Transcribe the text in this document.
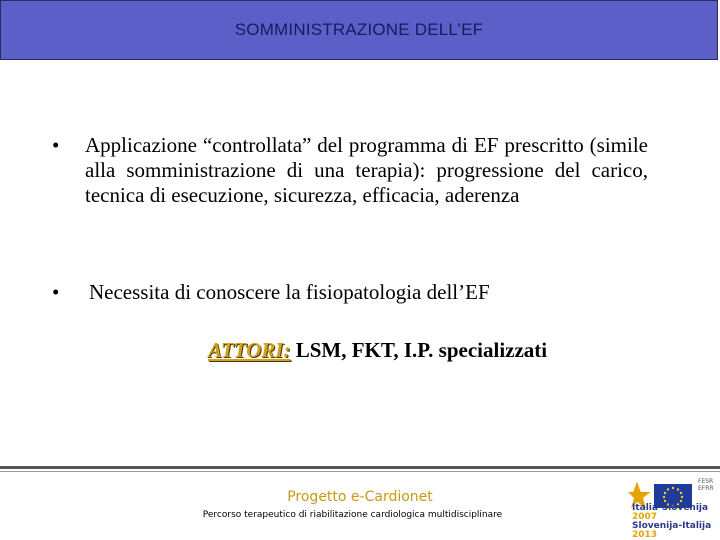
SOMMINISTRAZIONE DELL’EF
•	Applicazione “controllata” del programma di EF prescritto (simile alla somministrazione di una terapia): progressione del carico, tecnica di esecuzione, sicurezza, efficacia, aderenza
•	Necessita di conoscere la fisiopatologia dell’EF
ATTORI: LSM, FKT, I.P. specializzati
Progetto e-Cardionet
Percorso terapeutico di riabilitazione cardiologica multidisciplinare
Italia-Slovenija 2007
Slovenija-Italija 2013
FESR EFRR
